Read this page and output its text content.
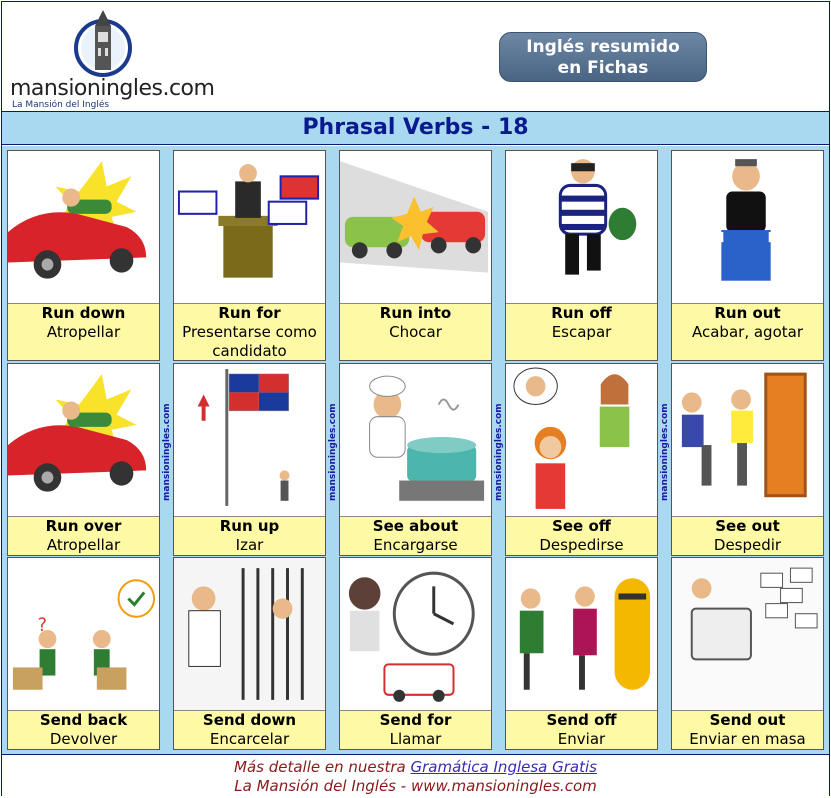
mansioningles.com
La Mansión del Inglés
Inglés resumido
en Fichas
Phrasal Verbs - 18
Run down
Atropellar
Run for
Presentarse como candidato
Run into
Chocar
Run off
Escapar
Run out
Acabar, agotar
Run over
Atropellar
Run up
Izar
See about
Encargarse
See off
Despedirse
See out
Despedir
?
Send back
Devolver
Send down
Encarcelar
Send for
Llamar
Send off
Enviar
Send out
Enviar en masa
mansioningles.com	mansioningles.com	mansioningles.com	mansioningles.com
Más detalle en nuestra Gramática Inglesa Gratis
La Mansión del Inglés - www.mansioningles.com
